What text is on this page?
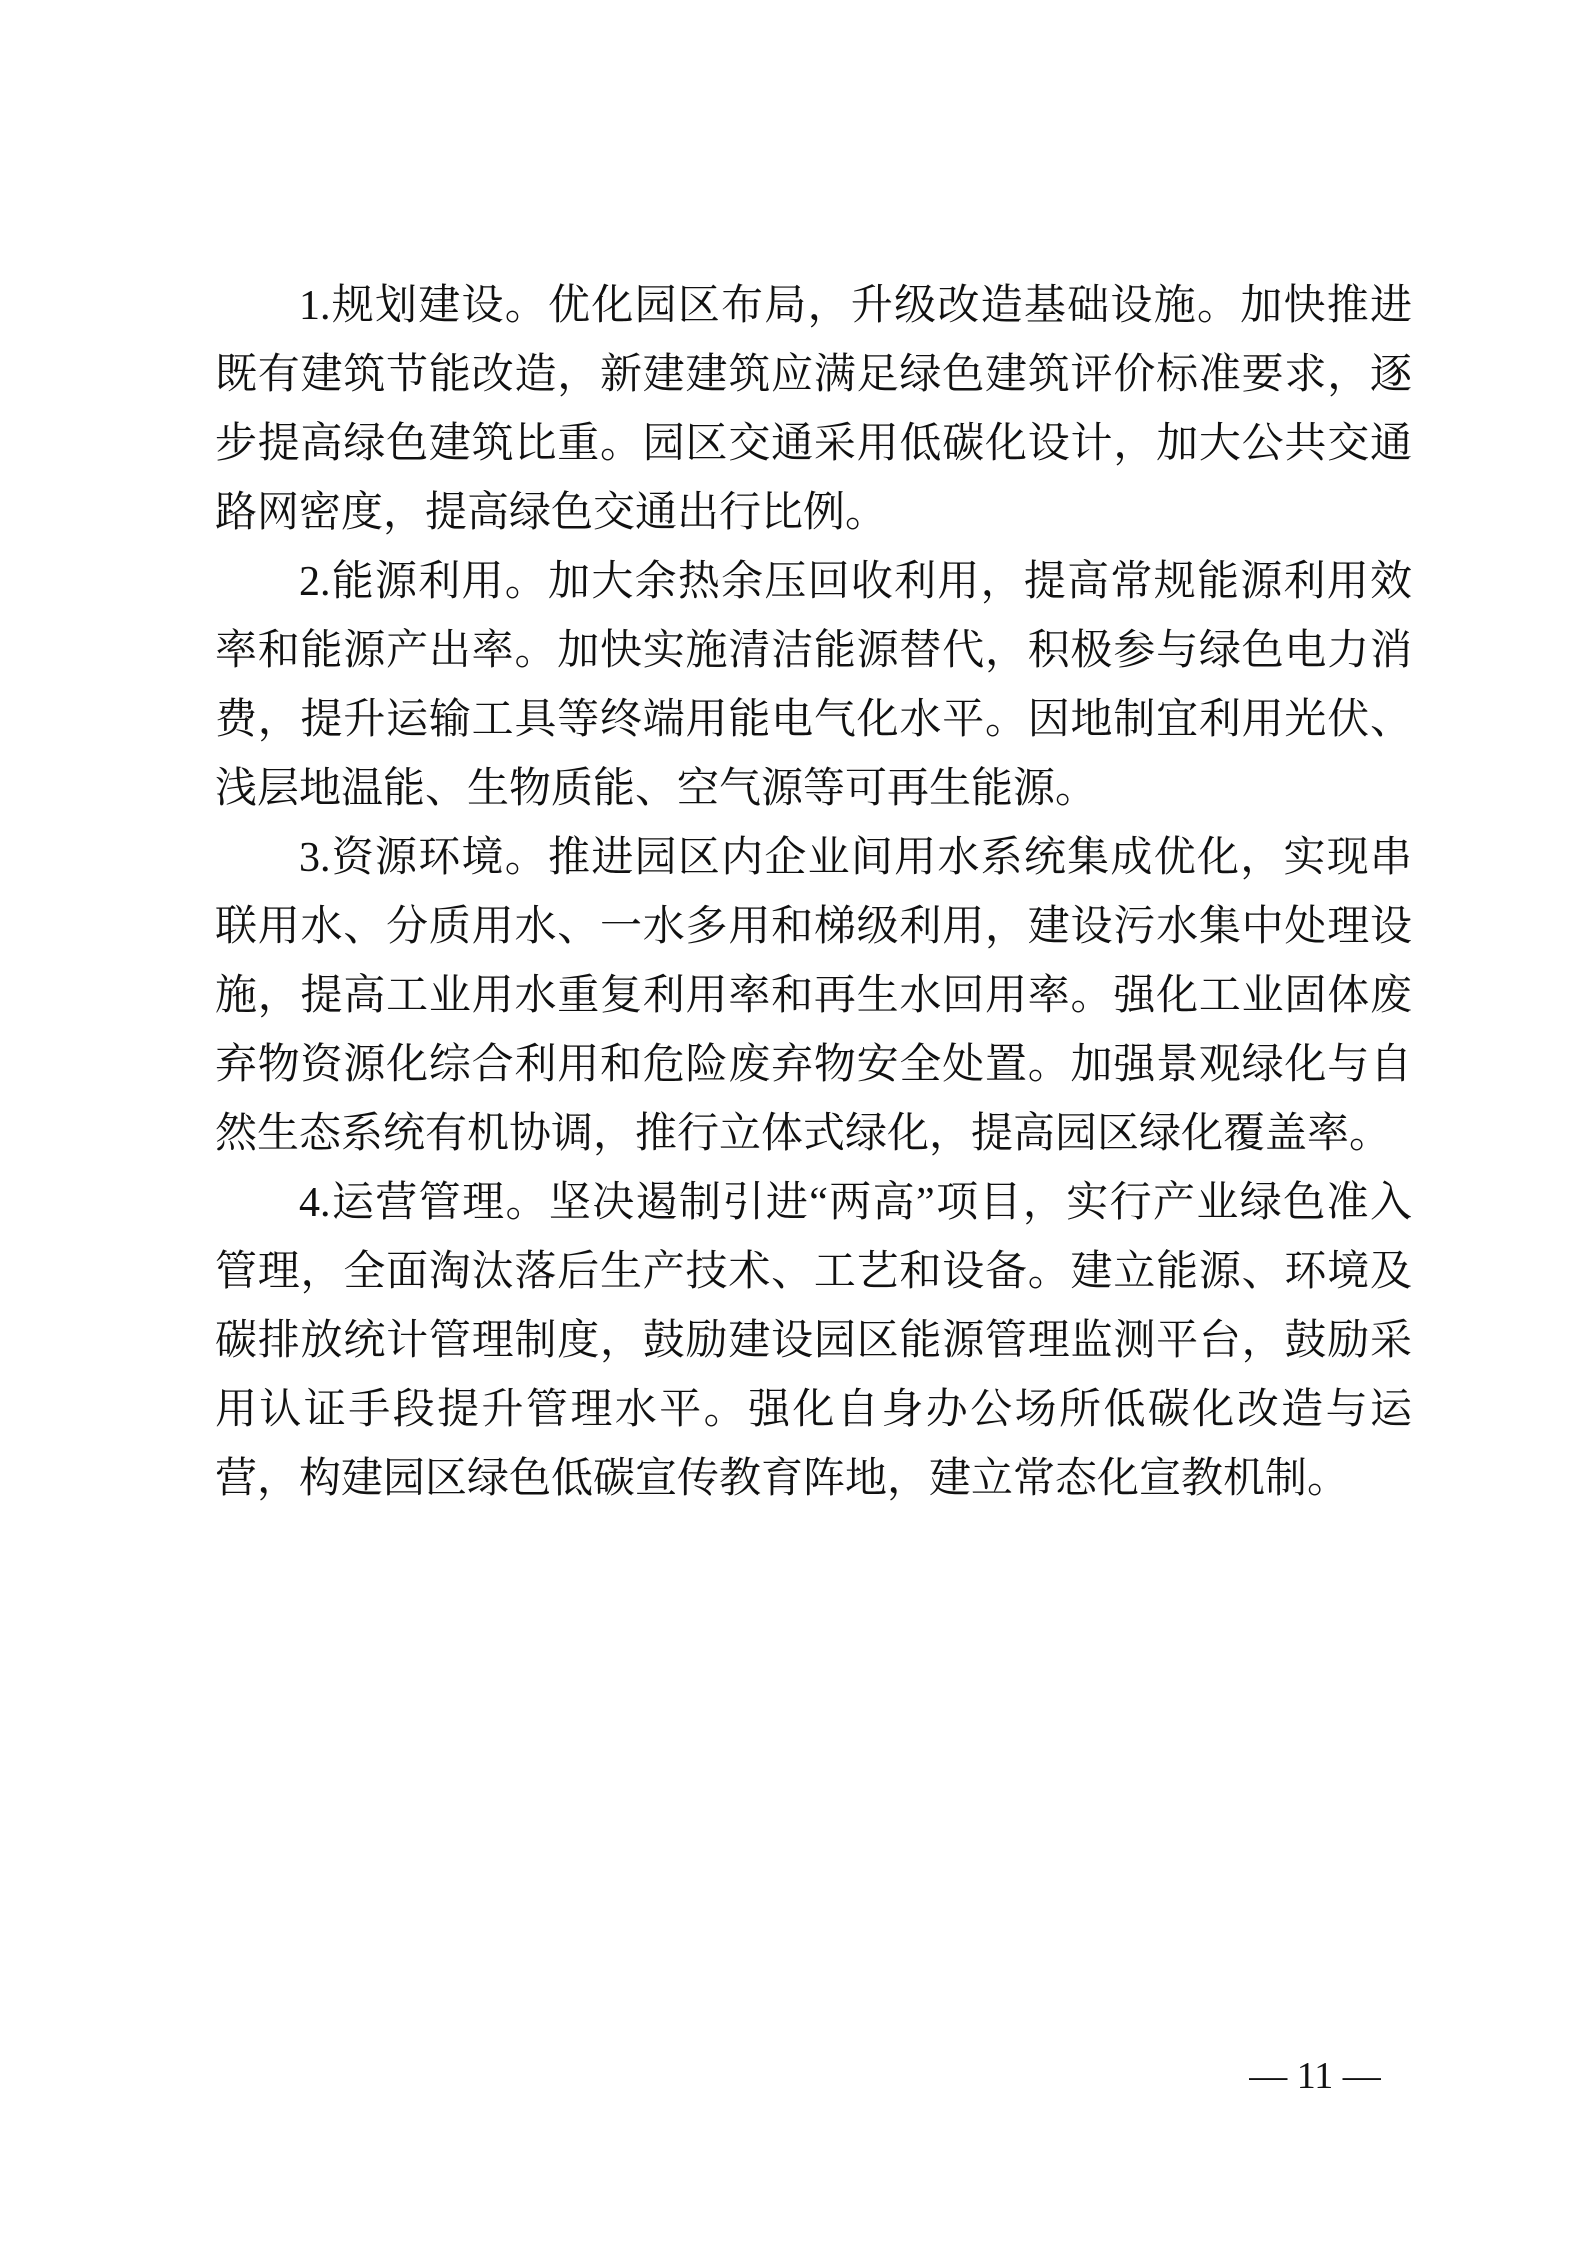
1.规划建设。优化园区布局，升级改造基础设施。加快推进
既有建筑节能改造，新建建筑应满足绿色建筑评价标准要求，逐
步提高绿色建筑比重。园区交通采用低碳化设计，加大公共交通
路网密度，提高绿色交通出行比例。
2.能源利用。加大余热余压回收利用，提高常规能源利用效
率和能源产出率。加快实施清洁能源替代，积极参与绿色电力消
费，提升运输工具等终端用能电气化水平。因地制宜利用光伏、
浅层地温能、生物质能、空气源等可再生能源。
3.资源环境。推进园区内企业间用水系统集成优化，实现串
联用水、分质用水、一水多用和梯级利用，建设污水集中处理设
施，提高工业用水重复利用率和再生水回用率。强化工业固体废
弃物资源化综合利用和危险废弃物安全处置。加强景观绿化与自
然生态系统有机协调，推行立体式绿化，提高园区绿化覆盖率。
4.运营管理。坚决遏制引进“两高”项目，实行产业绿色准入
管理，全面淘汰落后生产技术、工艺和设备。建立能源、环境及
碳排放统计管理制度，鼓励建设园区能源管理监测平台，鼓励采
用认证手段提升管理水平。强化自身办公场所低碳化改造与运
营，构建园区绿色低碳宣传教育阵地，建立常态化宣教机制。
— 11 —
